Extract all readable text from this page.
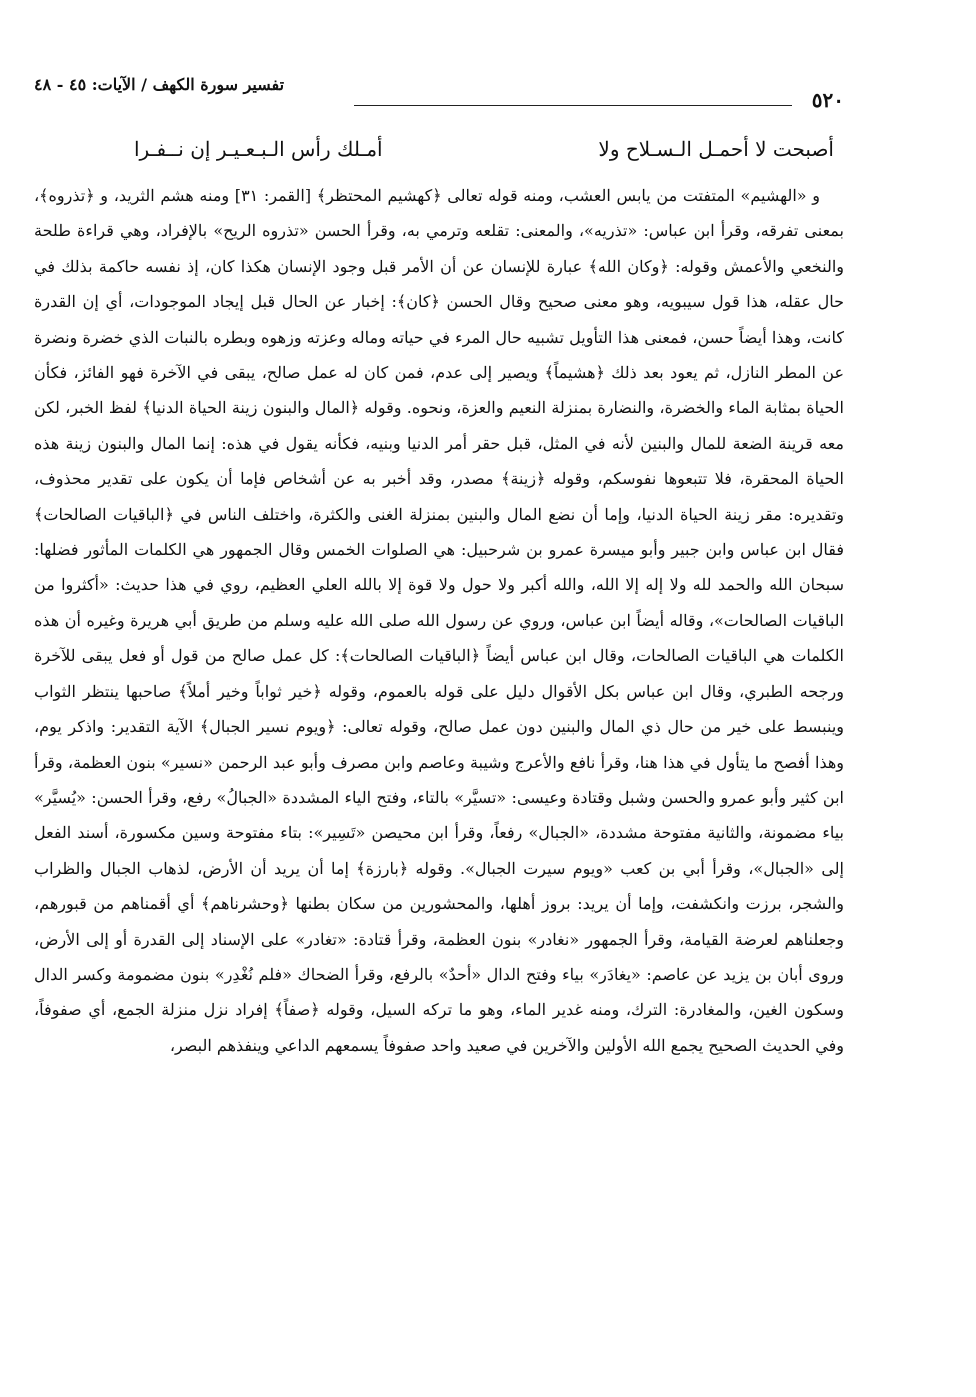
٥٢٠
تفسير سورة الكهف / الآيات: ٤٥ - ٤٨
أصبحت لا أحمـل الـسـلاح ولا
أمـلك رأس الـبـعـيـر إن نــفـرا

و «الهشيم» المتفتت من يابس العشب، ومنه قوله تعالى ﴿كهشيم المحتظر﴾ [القمر: ٣١] ومنه هشم الثريد، و ﴿تذروه﴾، بمعنى تفرقه، وقرأ ابن عباس: «تذريه»، والمعنى: تقلعه وترمي به، وقرأ الحسن «تذروه الريح» بالإفراد، وهي قراءة طلحة والنخعي والأعمش وقوله: ﴿وكان الله﴾ عبارة للإنسان عن أن الأمر قبل وجود الإنسان هكذا كان، إذ نفسه حاكمة بذلك في حال عقله، هذا قول سيبويه، وهو معنى صحيح وقال الحسن ﴿كان﴾: إخبار عن الحال قبل إيجاد الموجودات، أي إن القدرة كانت، وهذا أيضاً حسن، فمعنى هذا التأويل تشبيه حال المرء في حياته وماله وعزته وزهوه وبطره بالنبات الذي خضرة ونضرة عن المطر النازل، ثم يعود بعد ذلك ﴿هشيماً﴾ ويصير إلى عدم، فمن كان له عمل صالح، يبقى في الآخرة فهو الفائز، فكأن الحياة بمثابة الماء والخضرة، والنضارة بمنزلة النعيم والعزة، ونحوه. وقوله ﴿المال والبنون زينة الحياة الدنيا﴾ لفظ الخبر، لكن معه قرينة الضعة للمال والبنين لأنه في المثل، قبل حقر أمر الدنيا وبنيه، فكأنه يقول في هذه: إنما المال والبنون زينة هذه الحياة المحقرة، فلا تتبعوها نفوسكم، وقوله ﴿زينة﴾ مصدر، وقد أخبر به عن أشخاص فإما أن يكون على تقدير محذوف، وتقديره: مقر زينة الحياة الدنيا، وإما أن نضع المال والبنين بمنزلة الغنى والكثرة، واختلف الناس في ﴿الباقيات الصالحات﴾ فقال ابن عباس وابن جبير وأبو ميسرة عمرو بن شرحبيل: هي الصلوات الخمس وقال الجمهور هي الكلمات المأثور فضلها: سبحان الله والحمد لله ولا إله إلا الله، والله أكبر ولا حول ولا قوة إلا بالله العلي العظيم، روي في هذا حديث: «أكثروا من الباقيات الصالحات»، وقاله أيضاً ابن عباس، وروي عن رسول الله صلى الله عليه وسلم من طريق أبي هريرة وغيره أن هذه الكلمات هي الباقيات الصالحات، وقال ابن عباس أيضاً ﴿الباقيات الصالحات﴾: كل عمل صالح من قول أو فعل يبقى للآخرة ورجحه الطبري، وقال ابن عباس بكل الأقوال دليل على قوله بالعموم، وقوله ﴿خير ثواباً وخير أملاً﴾ صاحبها ينتظر الثواب وينبسط على خير من حال ذي المال والبنين دون عمل صالح، وقوله تعالى: ﴿ويوم نسير الجبال﴾ الآية التقدير: واذكر يوم، وهذا أفصح ما يتأول في هذا هنا، وقرأ نافع والأعرج وشيبة وعاصم وابن مصرف وأبو عبد الرحمن «نسير» بنون العظمة، وقرأ ابن كثير وأبو عمرو والحسن وشبل وقتادة وعيسى: «تسيَّر» بالتاء، وفتح الياء المشددة «الجبالُ» رفع، وقرأ الحسن: «يُسيَّر» بياء مضمونة، والثانية مفتوحة مشددة، «الجبال» رفعاً، وقرأ ابن محيصن «تَسِير»: بتاء مفتوحة وسين مكسورة، أسند الفعل إلى «الجبال»، وقرأ أبي بن كعب «ويوم سيرت الجبال». وقوله ﴿بارزة﴾ إما أن يريد أن الأرض، لذهاب الجبال والظراب والشجر، برزت وانكشفت، وإما أن يريد: بروز أهلها، والمحشورين من سكان بطنها ﴿وحشرناهم﴾ أي أقمناهم من قبورهم، وجعلناهم لعرضة القيامة، وقرأ الجمهور «نغادر» بنون العظمة، وقرأ قتادة: «تغادر» على الإسناد إلى القدرة أو إلى الأرض، وروى أبان بن يزيد عن عاصم: «يغادَر» بياء وفتح الدال «أحدٌ» بالرفع، وقرأ الضحاك «فلم نُغْدِر» بنون مضمومة وكسر الدال وسكون الغين، والمغادرة: الترك، ومنه غدير الماء، وهو ما تركه السيل، وقوله ﴿صفاً﴾ إفراد نزل منزلة الجمع، أي صفوفاً، وفي الحديث الصحيح يجمع الله الأولين والآخرين في صعيد واحد صفوفاً يسمعهم الداعي وينفذهم البصر،
